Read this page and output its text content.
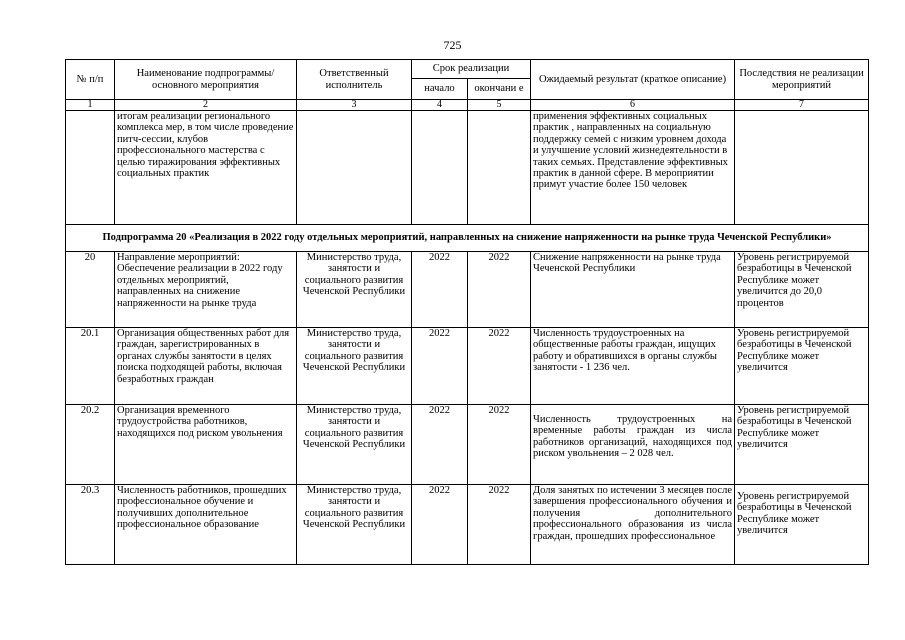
725
№ п/п	Наименование подпрограммы/ основного мероприятия	Ответственный исполнитель	Срок реализации		Ожидаемый результат (краткое описание)	Последствия не реализации мероприятий
			начало	окончани е		
1	2	3	4	5	6	7
	итогам реализации регионального комплекса мер, в том числе проведение питч-сессии, клубов профессионального мастерства с целью тиражирования эффективных социальных практик				применения эффективных социальных практик , направленных на социальную поддержку семей с низким уровнем дохода и улучшение условий жизнедеятельности в таких семьях. Представление эффективных практик в данной сфере. В мероприятии примут участие более 150 человек	
Подпрограмма 20 «Реализация в 2022 году отдельных мероприятий, направленных на снижение напряженности на рынке труда Чеченской Республики»						
20	Направление мероприятий: Обеспечение реализации в 2022 году отдельных мероприятий, направленных на снижение напряженности на рынке труда	Министерство труда, занятости и социального развития Чеченской Республики	2022	2022	Снижение напряженности на рынке труда Чеченской Республики	Уровень регистрируемой безработицы в Чеченской Республике может увеличится до 20,0 процентов
20.1	Организация общественных работ для граждан, зарегистрированных в органах службы занятости в целях поиска подходящей работы, включая безработных граждан	Министерство труда, занятости и социального развития Чеченской Республики	2022	2022	Численность трудоустроенных на общественные работы граждан, ищущих работу и обратившихся в органы службы занятости - 1 236 чел.	Уровень регистрируемой безработицы в Чеченской Республике может увеличится
20.2	Организация временного трудоустройства работников, находящихся под риском увольнения	Министерство труда, занятости и социального развития Чеченской Республики	2022	2022	Численность трудоустроенных на временные работы граждан из числа работников организаций, находящихся под риском увольнения – 2 028 чел.	Уровень регистрируемой безработицы в Чеченской Республике может увеличится
20.3	Численность работников, прошедших профессиональное обучение и получивших дополнительное профессиональное образование	Министерство труда, занятости и социального развития Чеченской Республики	2022	2022	Доля занятых по истечении 3 месяцев после завершения профессионального обучения и получения дополнительного профессионального образования из числа граждан, прошедших профессиональное	Уровень регистрируемой безработицы в Чеченской Республике может увеличится
